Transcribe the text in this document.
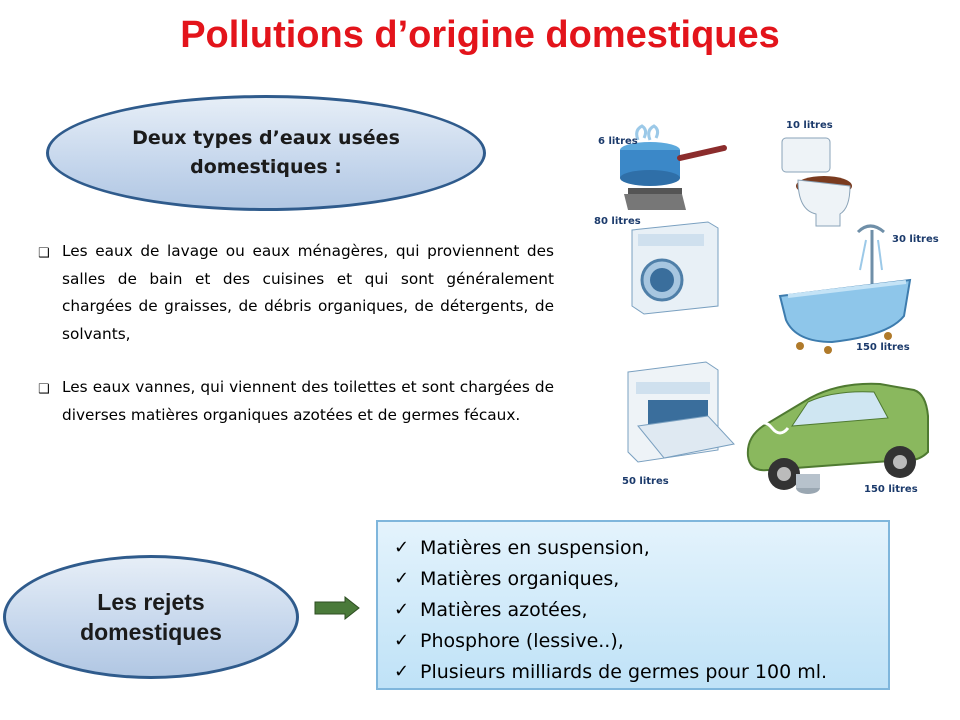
Pollutions d’origine domestiques
Deux types d’eaux usées
domestiques :
❑ Les eaux de lavage ou eaux ménagères, qui proviennent des salles de bain et des cuisines et qui sont généralement chargées de graisses, de débris organiques, de détergents, de solvants,
❑ Les eaux vannes, qui viennent des toilettes et sont chargées de diverses matières organiques azotées et de germes fécaux.
6 litres
10 litres
80 litres
30 litres
150 litres
50 litres
150 litres
Les rejets
domestiques
✓ Matières en suspension,
✓ Matières organiques,
✓ Matières azotées,
✓ Phosphore (lessive..),
✓ Plusieurs milliards de germes pour 100 ml.
